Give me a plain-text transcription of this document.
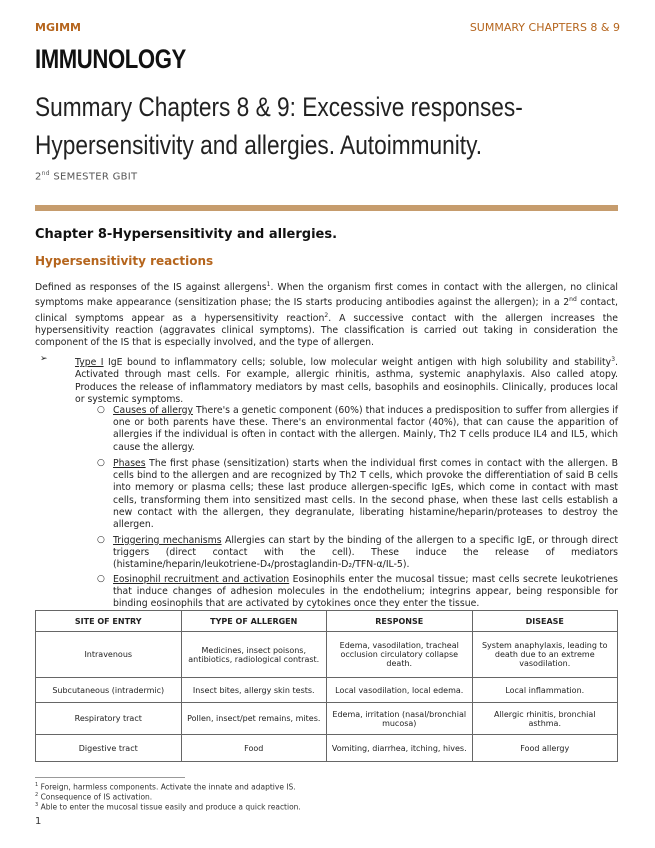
MGIMM	SUMMARY CHAPTERS 8 & 9
IMMUNOLOGY
Summary Chapters 8 & 9: Excessive responses-Hypersensitivity and allergies. Autoimmunity.
2nd SEMESTER GBIT
Chapter 8-Hypersensitivity and allergies.
Hypersensitivity reactions
Defined as responses of the IS against allergens$^1$. When the organism first comes in contact with the allergen, no clinical symptoms make appearance (sensitization phase; the IS starts producing antibodies against the allergen); in a 2nd contact, clinical symptoms appear as a hypersensitivity reaction$^2$. A successive contact with the allergen increases the hypersensitivity reaction (aggravates clinical symptoms). The classification is carried out taking in consideration the component of the IS that is especially involved, and the type of allergen.
➢	Type I IgE bound to inflammatory cells; soluble, low molecular weight antigen with high solubility and stability$^3$. Activated through mast cells. For example, allergic rhinitis, asthma, systemic anaphylaxis. Also called atopy. Produces the release of inflammatory mediators by mast cells, basophils and eosinophils. Clinically, produces local or systemic symptoms.
○ Causes of allergy There's a genetic component (60%) that induces a predisposition to suffer from allergies if one or both parents have these. There's an environmental factor (40%), that can cause the apparition of allergies if the individual is often in contact with the allergen. Mainly, Th2 T cells produce IL4 and IL5, which cause the allergy.
○ Phases The first phase (sensitization) starts when the individual first comes in contact with the allergen. B cells bind to the allergen and are recognized by Th2 T cells, which provoke the differentiation of said B cells into memory or plasma cells; these last produce allergen-specific IgEs, which come in contact with mast cells, transforming them into sensitized mast cells. In the second phase, when these last cells establish a new contact with the allergen, they degranulate, liberating histamine/heparin/proteases to destroy the allergen.
○ Triggering mechanisms Allergies can start by the binding of the allergen to a specific IgE, or through direct triggers (direct contact with the cell). These induce the release of mediators (histamine/heparin/leukotriene-D₄/prostaglandin-D₂/TFN-α/IL-5).
○ Eosinophil recruitment and activation Eosinophils enter the mucosal tissue; mast cells secrete leukotrienes that induce changes of adhesion molecules in the endothelium; integrins appear, being responsible for binding eosinophils that are activated by cytokines once they enter the tissue.
SITE OF ENTRY	TYPE OF ALLERGEN	RESPONSE	DISEASE
Intravenous	Medicines, insect poisons, antibiotics, radiological contrast.	Edema, vasodilation, tracheal occlusion circulatory collapse death.	System anaphylaxis, leading to death due to an extreme vasodilation.
Subcutaneous (intradermic)	Insect bites, allergy skin tests.	Local vasodilation, local edema.	Local inflammation.
Respiratory tract	Pollen, insect/pet remains, mites.	Edema, irritation (nasal/bronchial mucosa)	Allergic rhinitis, bronchial asthma.
Digestive tract	Food	Vomiting, diarrhea, itching, hives.	Food allergy
$^1$ Foreign, harmless components. Activate the innate and adaptive IS.
$^2$ Consequence of IS activation.
$^3$ Able to enter the mucosal tissue easily and produce a quick reaction.
1
